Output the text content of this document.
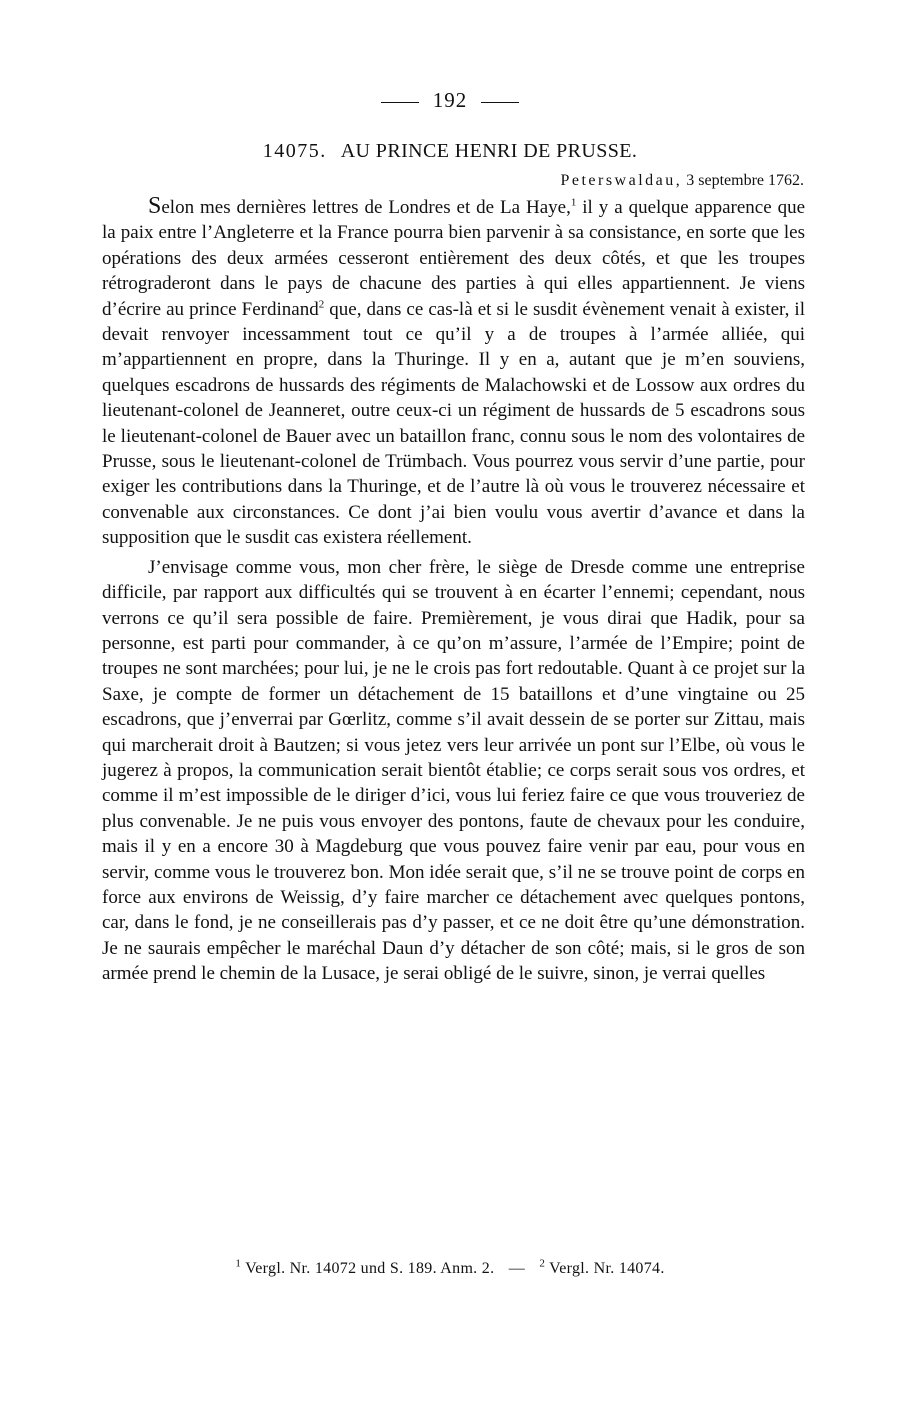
192
14075. AU PRINCE HENRI DE PRUSSE.
Peterswaldau, 3 septembre 1762.

Selon mes dernières lettres de Londres et de La Haye,$^1$ il y a quelque apparence que la paix entre l’Angleterre et la France pourra bien parvenir à sa consistance, en sorte que les opérations des deux armées cesseront entièrement des deux côtés, et que les troupes rétrograderont dans le pays de chacune des parties à qui elles appartiennent. Je viens d’écrire au prince Ferdinand$^2$ que, dans ce cas-là et si le susdit évènement venait à exister, il devait renvoyer incessamment tout ce qu’il y a de troupes à l’armée alliée, qui m’appartiennent en propre, dans la Thuringe. Il y en a, autant que je m’en souviens, quelques escadrons de hussards des régiments de Malachowski et de Lossow aux ordres du lieutenant-colonel de Jeanneret, outre ceux-ci un régiment de hussards de 5 escadrons sous le lieutenant-colonel de Bauer avec un bataillon franc, connu sous le nom des volontaires de Prusse, sous le lieutenant-colonel de Trümbach. Vous pourrez vous servir d’une partie, pour exiger les contributions dans la Thuringe, et de l’autre là où vous le trouverez nécessaire et convenable aux circonstances. Ce dont j’ai bien voulu vous avertir d’avance et dans la supposition que le susdit cas existera réellement.

J’envisage comme vous, mon cher frère, le siège de Dresde comme une entreprise difficile, par rapport aux difficultés qui se trouvent à en écarter l’ennemi; cependant, nous verrons ce qu’il sera possible de faire. Premièrement, je vous dirai que Hadik, pour sa personne, est parti pour commander, à ce qu’on m’assure, l’armée de l’Empire; point de troupes ne sont marchées; pour lui, je ne le crois pas fort redoutable. Quant à ce projet sur la Saxe, je compte de former un détachement de 15 bataillons et d’une vingtaine ou 25 escadrons, que j’enverrai par Gœrlitz, comme s’il avait dessein de se porter sur Zittau, mais qui marcherait droit à Bautzen; si vous jetez vers leur arrivée un pont sur l’Elbe, où vous le jugerez à propos, la communication serait bientôt établie; ce corps serait sous vos ordres, et comme il m’est impossible de le diriger d’ici, vous lui feriez faire ce que vous trouveriez de plus convenable. Je ne puis vous envoyer des pontons, faute de chevaux pour les conduire, mais il y en a encore 30 à Magdeburg que vous pouvez faire venir par eau, pour vous en servir, comme vous le trouverez bon. Mon idée serait que, s’il ne se trouve point de corps en force aux environs de Weissig, d’y faire marcher ce détachement avec quelques pontons, car, dans le fond, je ne conseillerais pas d’y passer, et ce ne doit être qu’une démonstration. Je ne saurais empêcher le maréchal Daun d’y détacher de son côté; mais, si le gros de son armée prend le chemin de la Lusace, je serai obligé de le suivre, sinon, je verrai quelles

$^1$ Vergl. Nr. 14072 und S. 189. Anm. 2. — $^2$ Vergl. Nr. 14074.
